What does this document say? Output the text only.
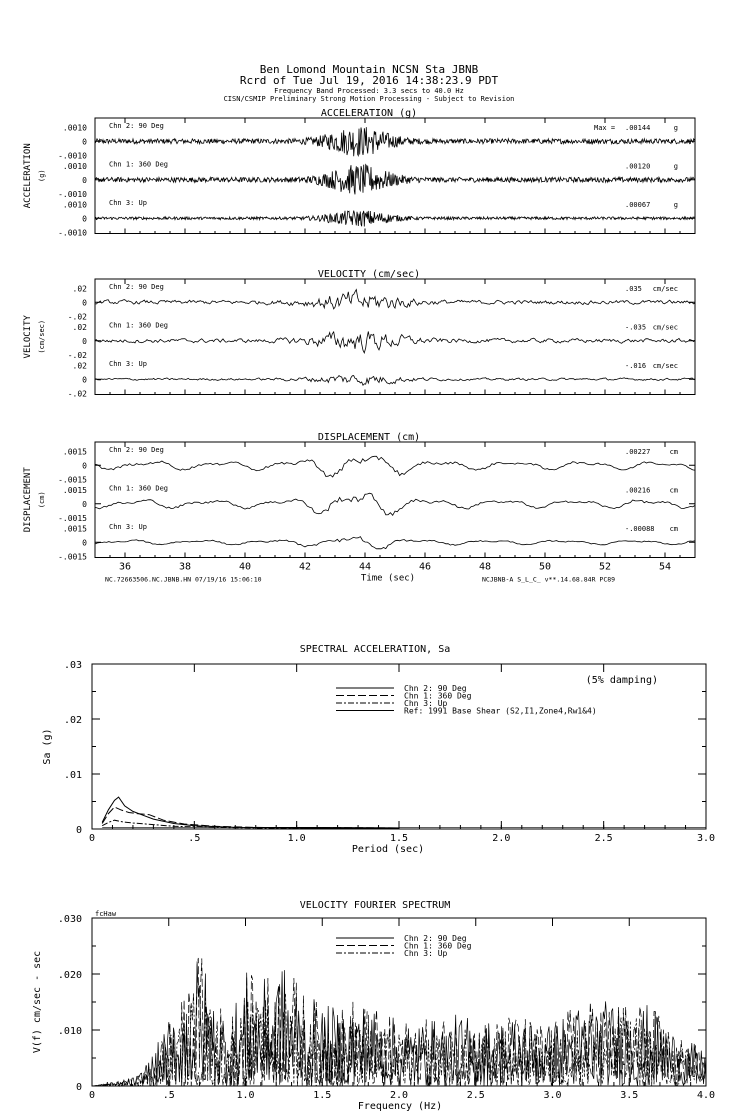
Ben Lomond Mountain NCSN Sta JBNB
Rcrd of Tue Jul 19, 2016 14:38:23.9 PDT
Frequency Band Processed: 3.3 secs to 40.0 Hz
CISN/CSMIP Preliminary Strong Motion Processing - Subject to Revision
ACCELERATION (g)
ACCELERATION (g)
.0010
0
-.0010
Chn 2: 90 Deg	Max = .00144	g
.0010
0
-.0010
Chn 1: 360 Deg	.00120	g
.0010
0
-.0010
Chn 3: Up	.00067	g
VELOCITY (cm/sec)
VELOCITY (cm/sec)
.02
0
-.02
Chn 2: 90 Deg	.035 cm/sec
.02
0
-.02
Chn 1: 360 Deg	-.035 cm/sec
.02
0
-.02
Chn 3: Up	-.016 cm/sec
DISPLACEMENT (cm)
DISPLACEMENT (cm)
.0015
0
-.0015
Chn 2: 90 Deg	.00227	cm
.0015
0
-.0015
Chn 1: 360 Deg	.00216	cm
.0015
0
-.0015
Chn 3: Up	-.00088 cm
36	38	40	42	44	46	48	50	52	54
Time (sec)
NC.72663506.NC.JBNB.HN 07/19/16 15:06:10	NCJBNB-A S_L_C_ v**.14.68.84R PC89
SPECTRAL ACCELERATION, Sa
(5% damping)
0
.01
.02
.03
0	.5	1.0	1.5	2.0	2.5	3.0
Period (sec)
Sa (g)
Chn 2: 90 Deg
Chn 1: 360 Deg
Chn 3: Up
Ref: 1991 Base Shear (S2,I1,Zone4,Rw1&4)
VELOCITY FOURIER SPECTRUM
fcHaw
0
.010
.020
.030
0	.5	1.0	1.5	2.0	2.5	3.0	3.5	4.0
Frequency (Hz)
V(f) cm/sec - sec
Chn 2: 90 Deg
Chn 1: 360 Deg
Chn 3: Up
